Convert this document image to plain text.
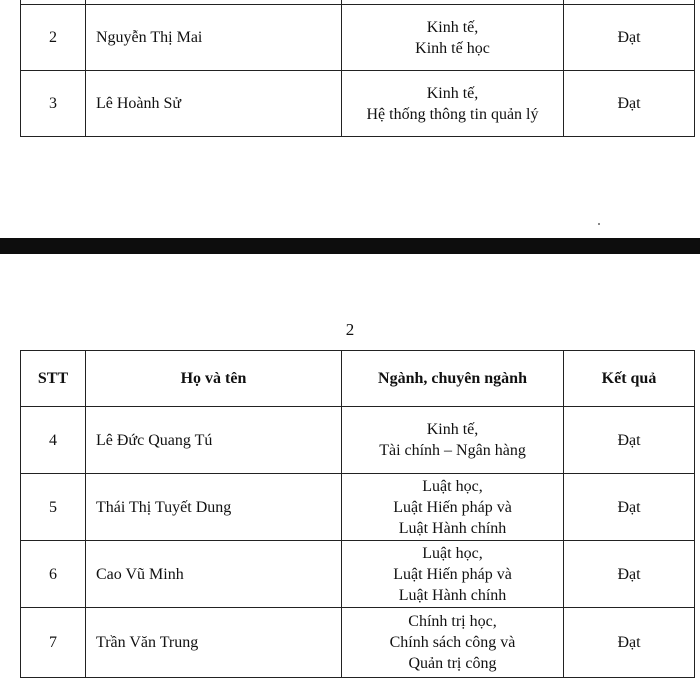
2	Nguyễn Thị Mai	Kinh tế,
Kinh tế học	Đạt
3	Lê Hoành Sử	Kinh tế,
Hệ thống thông tin quản lý	Đạt
2
STT	Họ và tên	Ngành, chuyên ngành	Kết quả
4	Lê Đức Quang Tú	Kinh tế,
Tài chính – Ngân hàng	Đạt
5	Thái Thị Tuyết Dung	Luật học,
Luật Hiến pháp và
Luật Hành chính	Đạt
6	Cao Vũ Minh	Luật học,
Luật Hiến pháp và
Luật Hành chính	Đạt
7	Trần Văn Trung	Chính trị học,
Chính sách công và
Quản trị công	Đạt
